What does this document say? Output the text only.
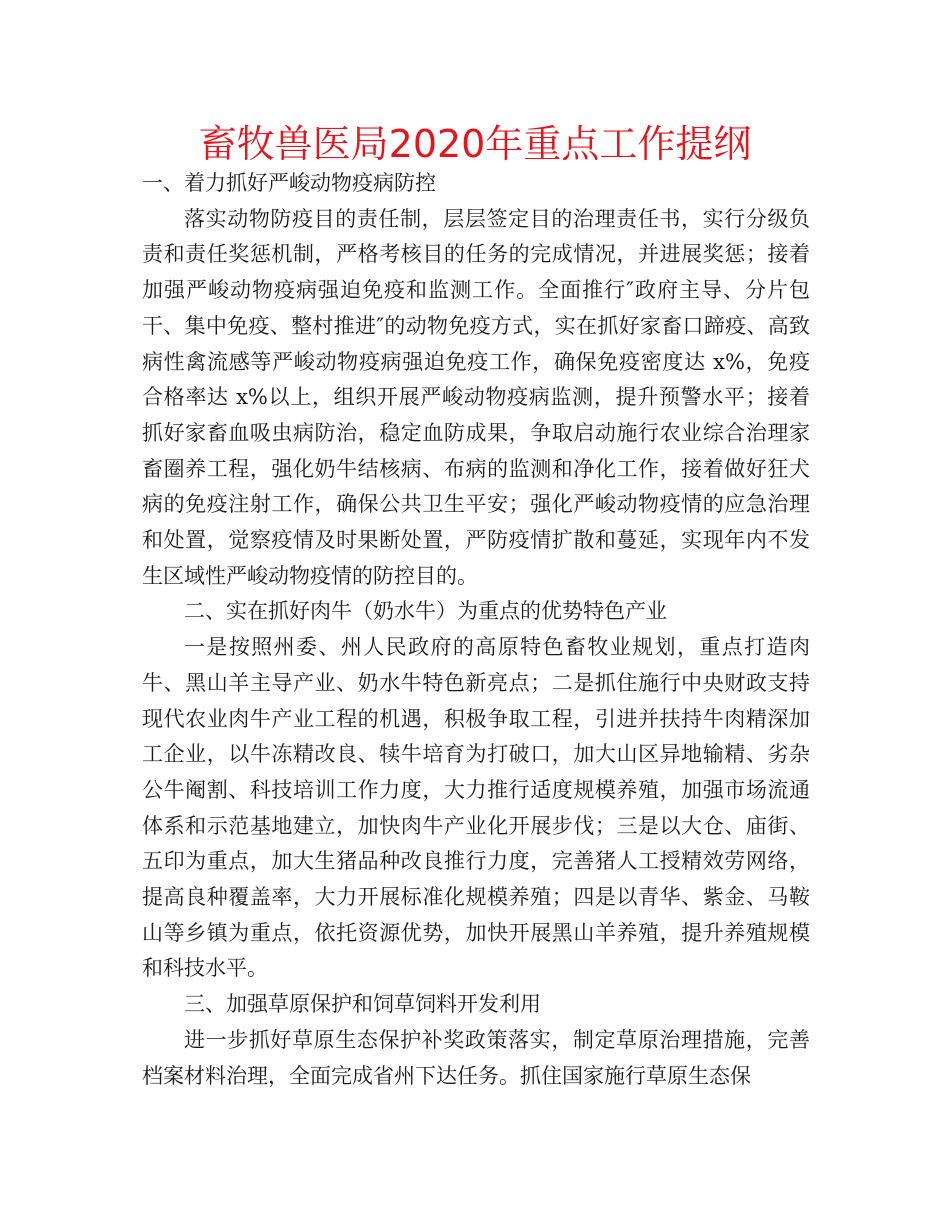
畜牧兽医局2020年重点工作提纲

一、着力抓好严峻动物疫病防控

落实动物防疫目的责任制，层层签定目的治理责任书，实行分级负责和责任奖惩机制，严格考核目的任务的完成情况，并进展奖惩；接着加强严峻动物疫病强迫免疫和监测工作。全面推行″政府主导、分片包干、集中免疫、整村推进″的动物免疫方式，实在抓好家畜口蹄疫、高致病性禽流感等严峻动物疫病强迫免疫工作，确保免疫密度达 x%，免疫合格率达 x%以上，组织开展严峻动物疫病监测，提升预警水平；接着抓好家畜血吸虫病防治，稳定血防成果，争取启动施行农业综合治理家畜圈养工程，强化奶牛结核病、布病的监测和净化工作，接着做好狂犬病的免疫注射工作，确保公共卫生平安；强化严峻动物疫情的应急治理和处置，觉察疫情及时果断处置，严防疫情扩散和蔓延，实现年内不发生区域性严峻动物疫情的防控目的。

二、实在抓好肉牛（奶水牛）为重点的优势特色产业

一是按照州委、州人民政府的高原特色畜牧业规划，重点打造肉牛、黑山羊主导产业、奶水牛特色新亮点；二是抓住施行中央财政支持现代农业肉牛产业工程的机遇，积极争取工程，引进并扶持牛肉精深加工企业，以牛冻精改良、犊牛培育为打破口，加大山区异地输精、劣杂公牛阉割、科技培训工作力度，大力推行适度规模养殖，加强市场流通体系和示范基地建立，加快肉牛产业化开展步伐；三是以大仓、庙街、五印为重点，加大生猪品种改良推行力度，完善猪人工授精效劳网络，提高良种覆盖率，大力开展标准化规模养殖；四是以青华、紫金、马鞍山等乡镇为重点，依托资源优势，加快开展黑山羊养殖，提升养殖规模和科技水平。

三、加强草原保护和饲草饲料开发利用

进一步抓好草原生态保护补奖政策落实，制定草原治理措施，完善档案材料治理，全面完成省州下达任务。抓住国家施行草原生态保
